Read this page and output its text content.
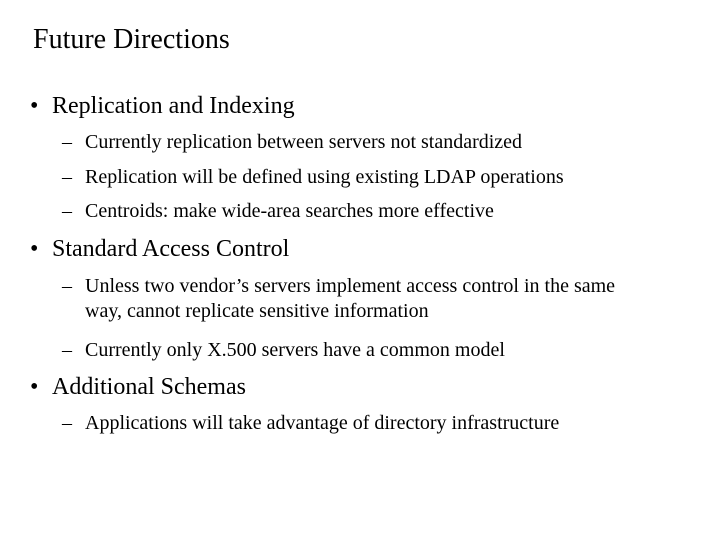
Future Directions
• Replication and Indexing
– Currently replication between servers not standardized
– Replication will be defined using existing LDAP operations
– Centroids: make wide-area searches more effective
• Standard Access Control
– Unless two vendor’s servers implement access control in the same way, cannot replicate sensitive information
– Currently only X.500 servers have a common model
• Additional Schemas
– Applications will take advantage of directory infrastructure
